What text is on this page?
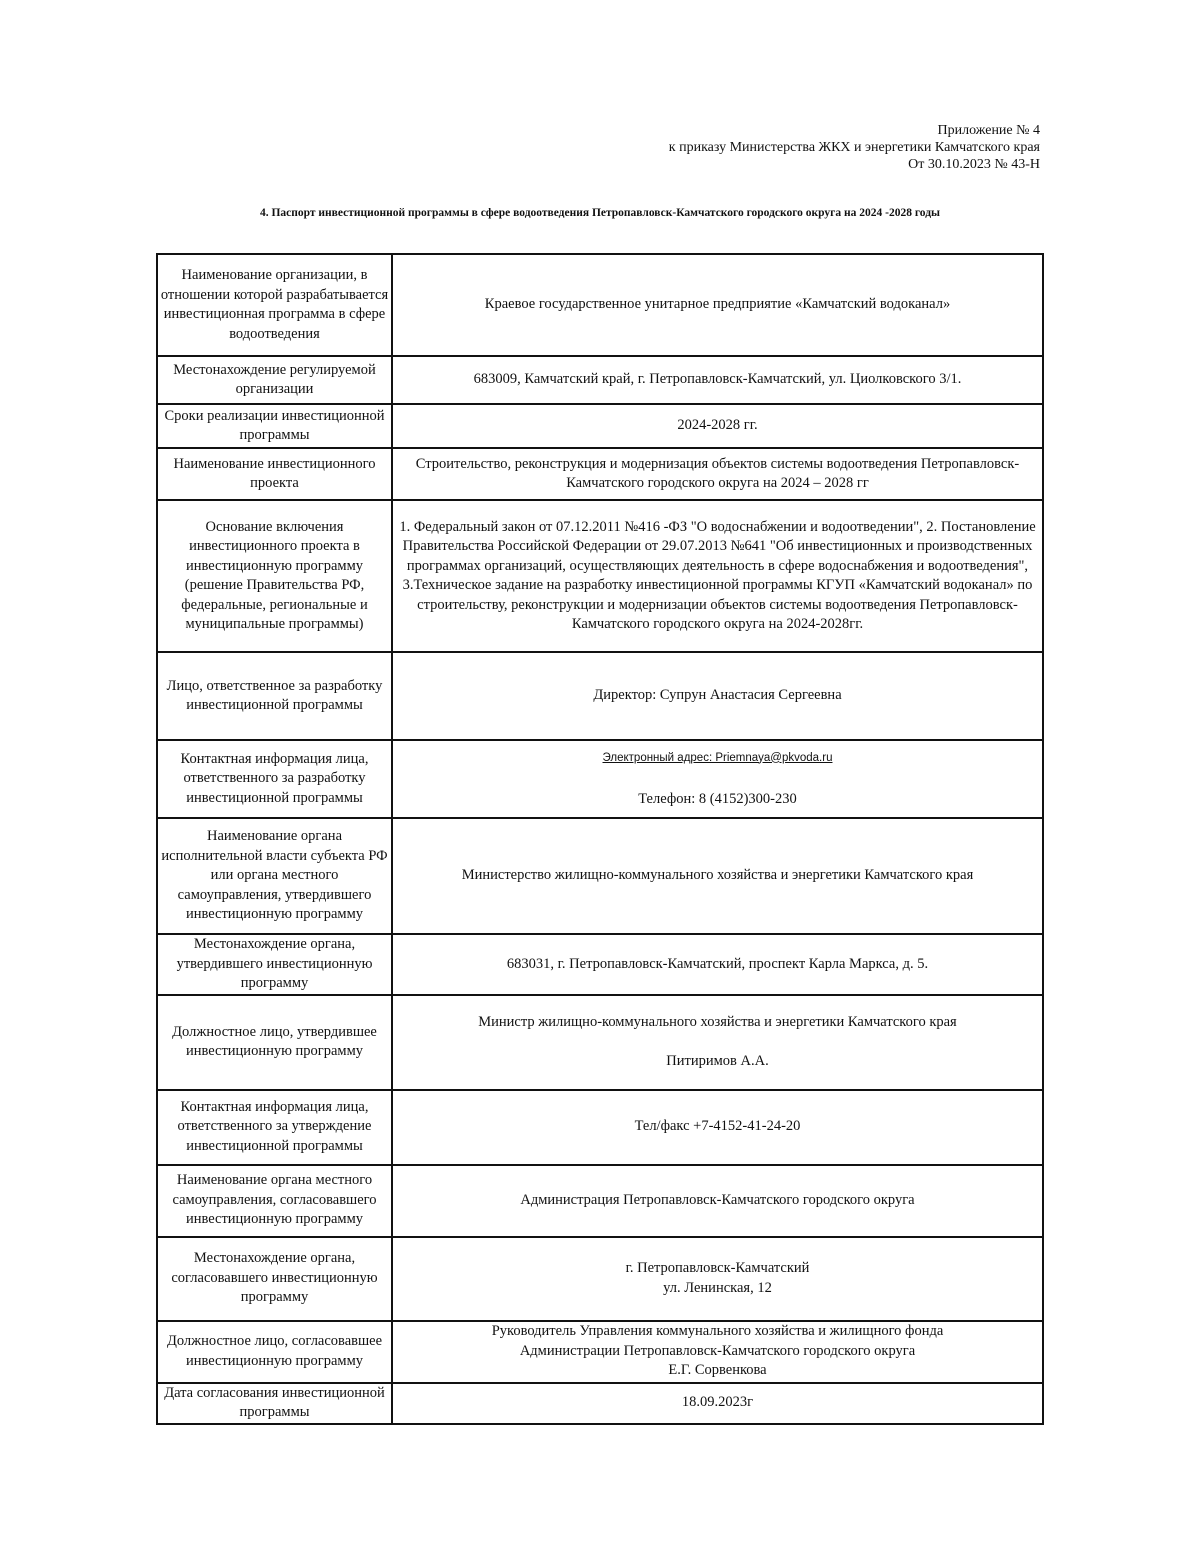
Приложение № 4
к приказу Министерства ЖКХ и энергетики Камчатского края
От 30.10.2023 № 43-Н
4. Паспорт инвестиционной программы в сфере водоотведения Петропавловск-Камчатского городского округа на 2024 -2028 годы
Наименование организации, в отношении которой разрабатывается инвестиционная программа в сфере водоотведения	Краевое государственное унитарное предприятие «Камчатский водоканал»
Местонахождение регулируемой организации	683009, Камчатский край, г. Петропавловск-Камчатский, ул. Циолковского 3/1.
Сроки реализации инвестиционной программы	2024-2028 гг.
Наименование инвестиционного проекта	Строительство, реконструкция и модернизация объектов системы водоотведения Петропавловск-Камчатского городского округа на 2024 – 2028 гг
Основание включения инвестиционного проекта в инвестиционную программу (решение Правительства РФ, федеральные, региональные и муниципальные программы)	1. Федеральный закон от 07.12.2011 №416 -ФЗ "О водоснабжении и водоотведении", 2. Постановление Правительства Российской Федерации от 29.07.2013 №641 "Об инвестиционных и производственных программах организаций, осуществляющих деятельность в сфере водоснабжения и водоотведения", 3.Техническое задание на разработку инвестиционной программы КГУП «Камчатский водоканал» по строительству, реконструкции и модернизации объектов системы водоотведения Петропавловск-Камчатского городского округа на 2024-2028гг.
Лицо, ответственное за разработку инвестиционной программы	Директор: Супрун Анастасия Сергеевна
Контактная информация лица, ответственного за разработку инвестиционной программы	Электронный адрес: Priemnaya@pkvoda.ru
Телефон: 8 (4152)300-230
Наименование органа исполнительной власти субъекта РФ или органа местного самоуправления, утвердившего инвестиционную программу	Министерство жилищно-коммунального хозяйства и энергетики Камчатского края
Местонахождение органа, утвердившего инвестиционную программу	683031, г. Петропавловск-Камчатский, проспект Карла Маркса, д. 5.
Должностное лицо, утвердившее инвестиционную программу	Министр жилищно-коммунального хозяйства и энергетики Камчатского края
Питиримов А.А.
Контактная информация лица, ответственного за утверждение инвестиционной программы	Тел/факс +7-4152-41-24-20
Наименование органа местного самоуправления, согласовавшего инвестиционную программу	Администрация Петропавловск-Камчатского городского округа
Местонахождение органа, согласовавшего инвестиционную программу	г. Петропавловск-Камчатский
ул. Ленинская, 12

Должностное лицо, согласовавшее инвестиционную программу	Руководитель Управления коммунального хозяйства и жилищного фонда
Администрации Петропавловск-Камчатского городского округа
Е.Г. Сорвенкова

Дата согласования инвестиционной программы	18.09.2023г
